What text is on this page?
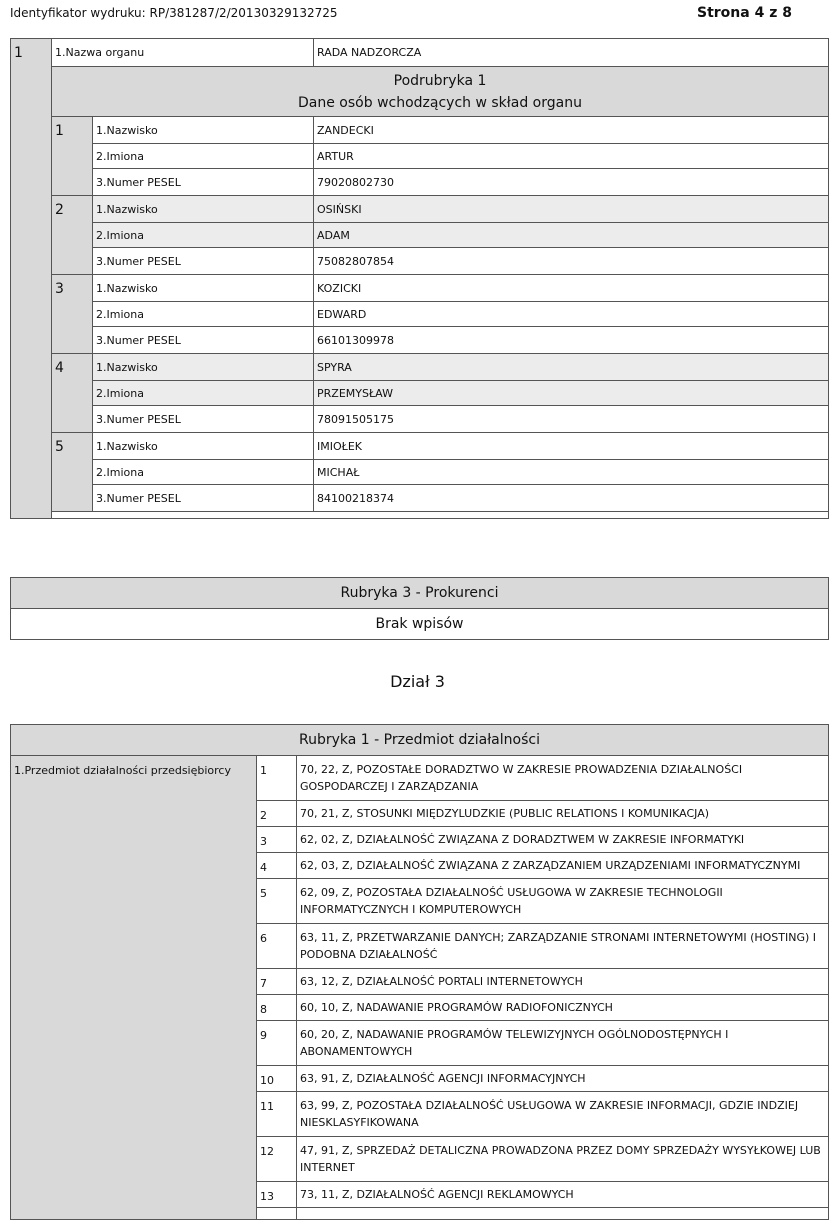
Identyfikator wydruku: RP/381287/2/20130329132725	Strona 4 z 8
1	1.Nazwa organu		RADA NADZORCZA

	Podrubryka 1
Dane osób wchodzących w skład organu		

	1	1.Nazwisko	ZANDECKI
		2.Imiona	ARTUR
		3.Numer PESEL	79020802730
	2	1.Nazwisko	OSIŃSKI
		2.Imiona	ADAM
		3.Numer PESEL	75082807854
	3	1.Nazwisko	KOZICKI
		2.Imiona	EDWARD
		3.Numer PESEL	66101309978
	4	1.Nazwisko	SPYRA
		2.Imiona	PRZEMYSŁAW
		3.Numer PESEL	78091505175
	5	1.Nazwisko	IMIOŁEK
		2.Imiona	MICHAŁ
		3.Numer PESEL	84100218374

Rubryka 3 - Prokurenci
Brak wpisów
Dział 3
Rubryka 1 - Przedmiot działalności		
1.Przedmiot działalności przedsiębiorcy	1	70, 22, Z, POZOSTAŁE DORADZTWO W ZAKRESIE PROWADZENIA DZIAŁALNOŚCI GOSPODARCZEJ I ZARZĄDZANIA
	2	70, 21, Z, STOSUNKI MIĘDZYLUDZKIE (PUBLIC RELATIONS I KOMUNIKACJA)
	3	62, 02, Z, DZIAŁALNOŚĆ ZWIĄZANA Z DORADZTWEM W ZAKRESIE INFORMATYKI
	4	62, 03, Z, DZIAŁALNOŚĆ ZWIĄZANA Z ZARZĄDZANIEM URZĄDZENIAMI INFORMATYCZNYMI
	5	62, 09, Z, POZOSTAŁA DZIAŁALNOŚĆ USŁUGOWA W ZAKRESIE TECHNOLOGII INFORMATYCZNYCH I KOMPUTEROWYCH
	6	63, 11, Z, PRZETWARZANIE DANYCH; ZARZĄDZANIE STRONAMI INTERNETOWYMI (HOSTING) I PODOBNA DZIAŁALNOŚĆ
	7	63, 12, Z, DZIAŁALNOŚĆ PORTALI INTERNETOWYCH
	8	60, 10, Z, NADAWANIE PROGRAMÓW RADIOFONICZNYCH
	9	60, 20, Z, NADAWANIE PROGRAMÓW TELEWIZYJNYCH OGÓLNODOSTĘPNYCH I ABONAMENTOWYCH
	10	63, 91, Z, DZIAŁALNOŚĆ AGENCJI INFORMACYJNYCH
	11	63, 99, Z, POZOSTAŁA DZIAŁALNOŚĆ USŁUGOWA W ZAKRESIE INFORMACJI, GDZIE INDZIEJ NIESKLASYFIKOWANA
	12	47, 91, Z, SPRZEDAŻ DETALICZNA PROWADZONA PRZEZ DOMY SPRZEDAŻY WYSYŁKOWEJ LUB INTERNET
	13	73, 11, Z, DZIAŁALNOŚĆ AGENCJI REKLAMOWYCH
